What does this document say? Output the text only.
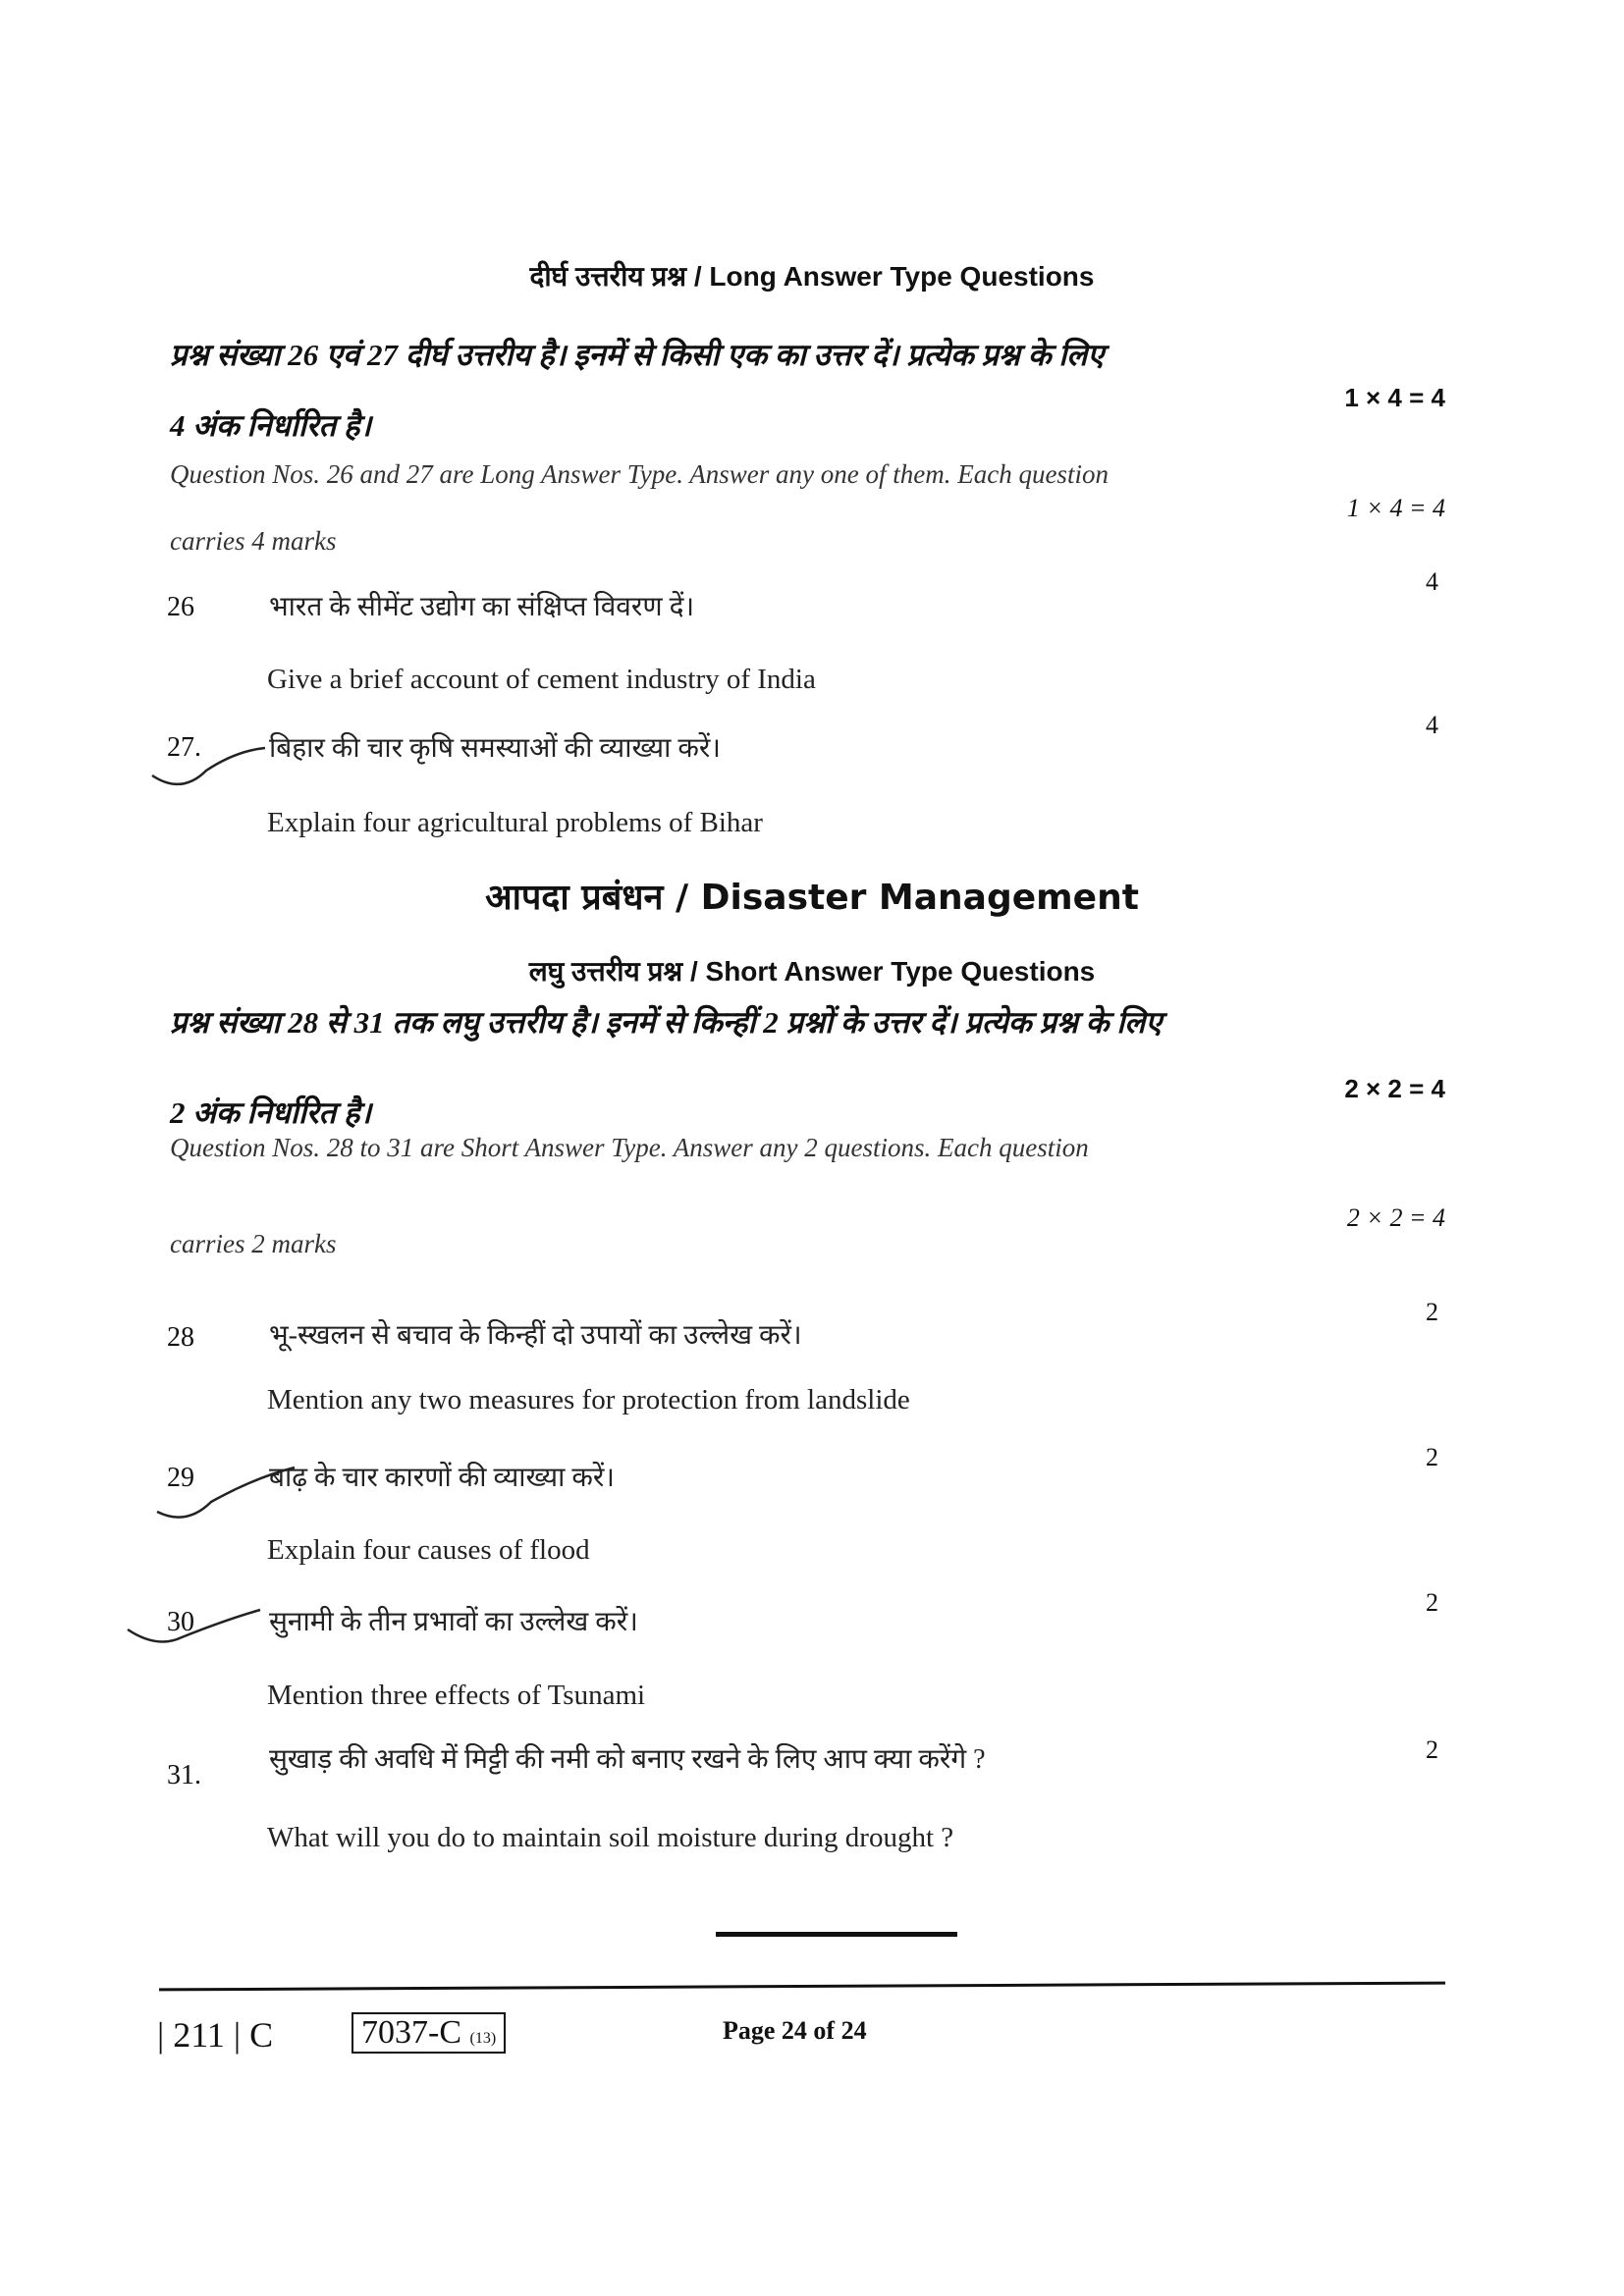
दीर्घ उत्तरीय प्रश्न / Long Answer Type Questions
प्रश्न संख्या 26 एवं 27 दीर्घ उत्तरीय है। इनमें से किसी एक का उत्तर दें। प्रत्येक प्रश्न के लिए
1 × 4 = 4
4 अंक निर्धारित है।
Question Nos. 26 and 27 are Long Answer Type. Answer any one of them. Each question
1 × 4 = 4
carries 4 marks
26	भारत के सीमेंट उद्योग का संक्षिप्त विवरण दें।
4
Give a brief account of cement industry of India
27. बिहार की चार कृषि समस्याओं की व्याख्या करें।
4
Explain four agricultural problems of Bihar
आपदा प्रबंधन / Disaster Management
लघु उत्तरीय प्रश्न / Short Answer Type Questions
प्रश्न संख्या 28 से 31 तक लघु उत्तरीय है। इनमें से किन्हीं 2 प्रश्नों के उत्तर दें। प्रत्येक प्रश्न के लिए
2 × 2 = 4
2 अंक निर्धारित है।
Question Nos. 28 to 31 are Short Answer Type. Answer any 2 questions. Each question
2 × 2 = 4
carries 2 marks
28	भू-स्खलन से बचाव के किन्हीं दो उपायों का उल्लेख करें।
2
Mention any two measures for protection from landslide
29	बाढ़ के चार कारणों की व्याख्या करें।
2
Explain four causes of flood
30	सुनामी के तीन प्रभावों का उल्लेख करें।
2
Mention three effects of Tsunami
31.
सुखाड़ की अवधि में मिट्टी की नमी को बनाए रखने के लिए आप क्या करेंगे ?	2
What will you do to maintain soil moisture during drought ?
| 211 | C	7037-C (13)	Page 24 of 24
